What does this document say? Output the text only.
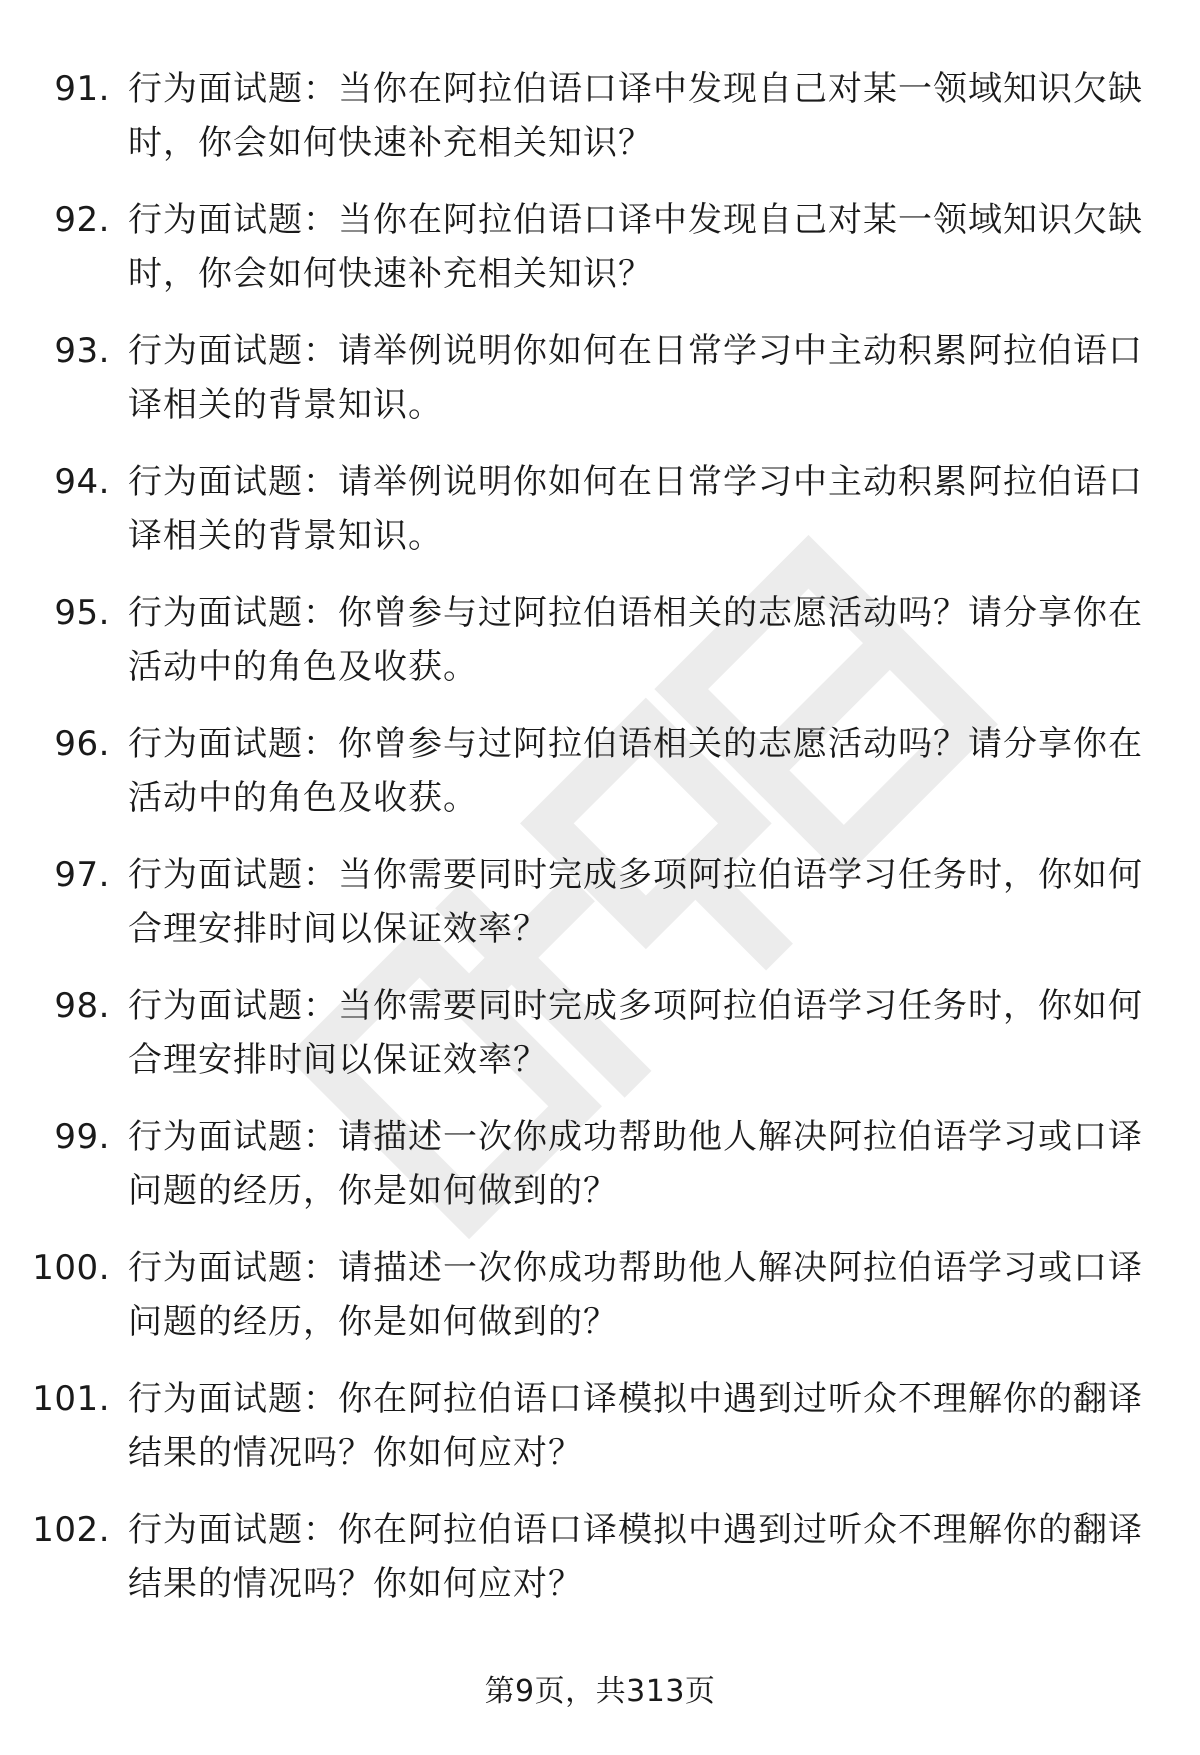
91. 行为面试题：当你在阿拉伯语口译中发现自己对某一领域知识欠缺时，你会如何快速补充相关知识？
92. 行为面试题：当你在阿拉伯语口译中发现自己对某一领域知识欠缺时，你会如何快速补充相关知识？
93. 行为面试题：请举例说明你如何在日常学习中主动积累阿拉伯语口译相关的背景知识。
94. 行为面试题：请举例说明你如何在日常学习中主动积累阿拉伯语口译相关的背景知识。
95. 行为面试题：你曾参与过阿拉伯语相关的志愿活动吗？请分享你在活动中的角色及收获。
96. 行为面试题：你曾参与过阿拉伯语相关的志愿活动吗？请分享你在活动中的角色及收获。
97. 行为面试题：当你需要同时完成多项阿拉伯语学习任务时，你如何合理安排时间以保证效率？
98. 行为面试题：当你需要同时完成多项阿拉伯语学习任务时，你如何合理安排时间以保证效率？
99. 行为面试题：请描述一次你成功帮助他人解决阿拉伯语学习或口译问题的经历，你是如何做到的？
100. 行为面试题：请描述一次你成功帮助他人解决阿拉伯语学习或口译问题的经历，你是如何做到的？
101. 行为面试题：你在阿拉伯语口译模拟中遇到过听众不理解你的翻译结果的情况吗？你如何应对？
102. 行为面试题：你在阿拉伯语口译模拟中遇到过听众不理解你的翻译结果的情况吗？你如何应对？
第9页，共313页
